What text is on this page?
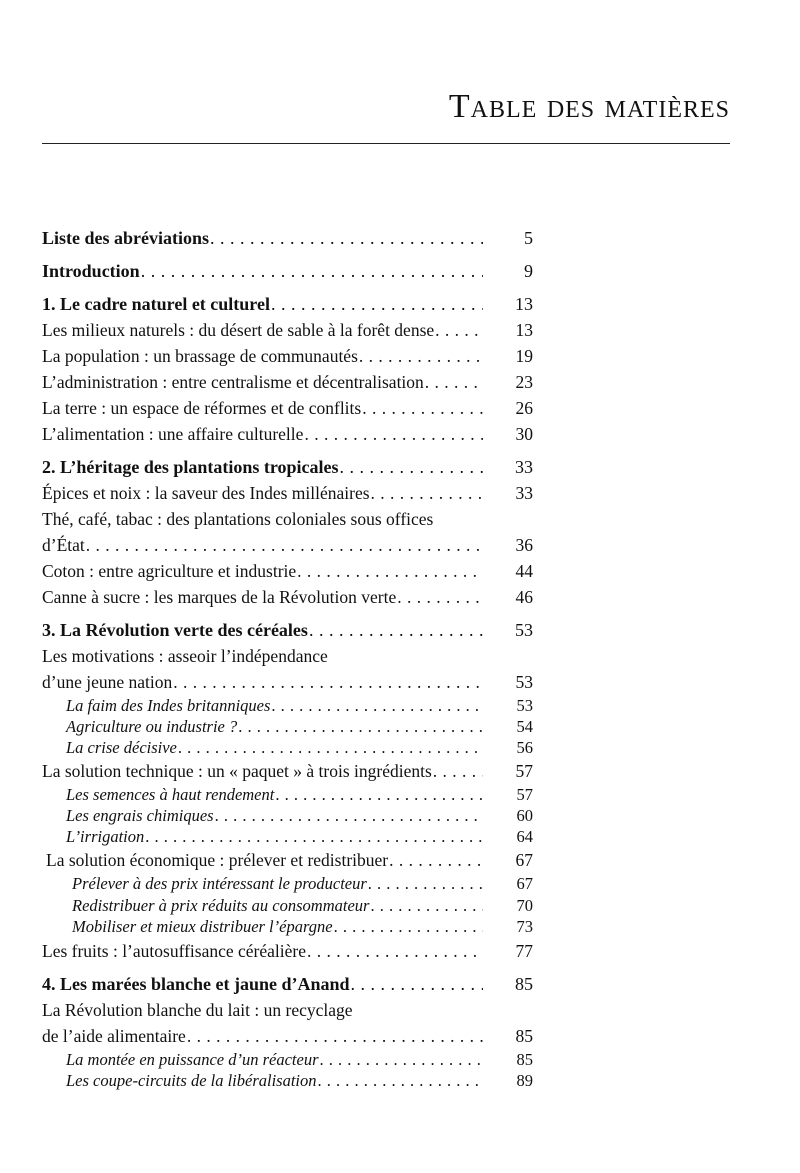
Table des matières
Liste des abréviations . . .	5
Introduction . . .	9
1. Le cadre naturel et culturel . . .	13
Les milieux naturels : du désert de sable à la forêt dense . . .	13
La population : un brassage de communautés . . .	19
L’administration : entre centralisme et décentralisation . . .	23
La terre : un espace de réformes et de conflits . . .	26
L’alimentation : une affaire culturelle . . .	30
2. L’héritage des plantations tropicales . . .	33
Épices et noix : la saveur des Indes millénaires . . .	33
Thé, café, tabac : des plantations coloniales sous offices
d’État . . .	36
Coton : entre agriculture et industrie . . .	44
Canne à sucre : les marques de la Révolution verte . . .	46
3. La Révolution verte des céréales . . .	53
Les motivations : asseoir l’indépendance
d’une jeune nation . . .	53
La faim des Indes britanniques . . .	53
Agriculture ou industrie ? . . .	54
La crise décisive . . .	56
La solution technique : un « paquet » à trois ingrédients . . .	57
Les semences à haut rendement . . .	57
Les engrais chimiques . . .	60
L’irrigation . . .	64
La solution économique : prélever et redistribuer . . .	67
Prélever à des prix intéressant le producteur . . .	67
Redistribuer à prix réduits au consommateur . . .	70
Mobiliser et mieux distribuer l’épargne . . .	73
Les fruits : l’autosuffisance céréalière . . .	77
4. Les marées blanche et jaune d’Anand . . .	85
La Révolution blanche du lait : un recyclage
de l’aide alimentaire . . .	85
La montée en puissance d’un réacteur . . .	85
Les coupe-circuits de la libéralisation . . .	89
